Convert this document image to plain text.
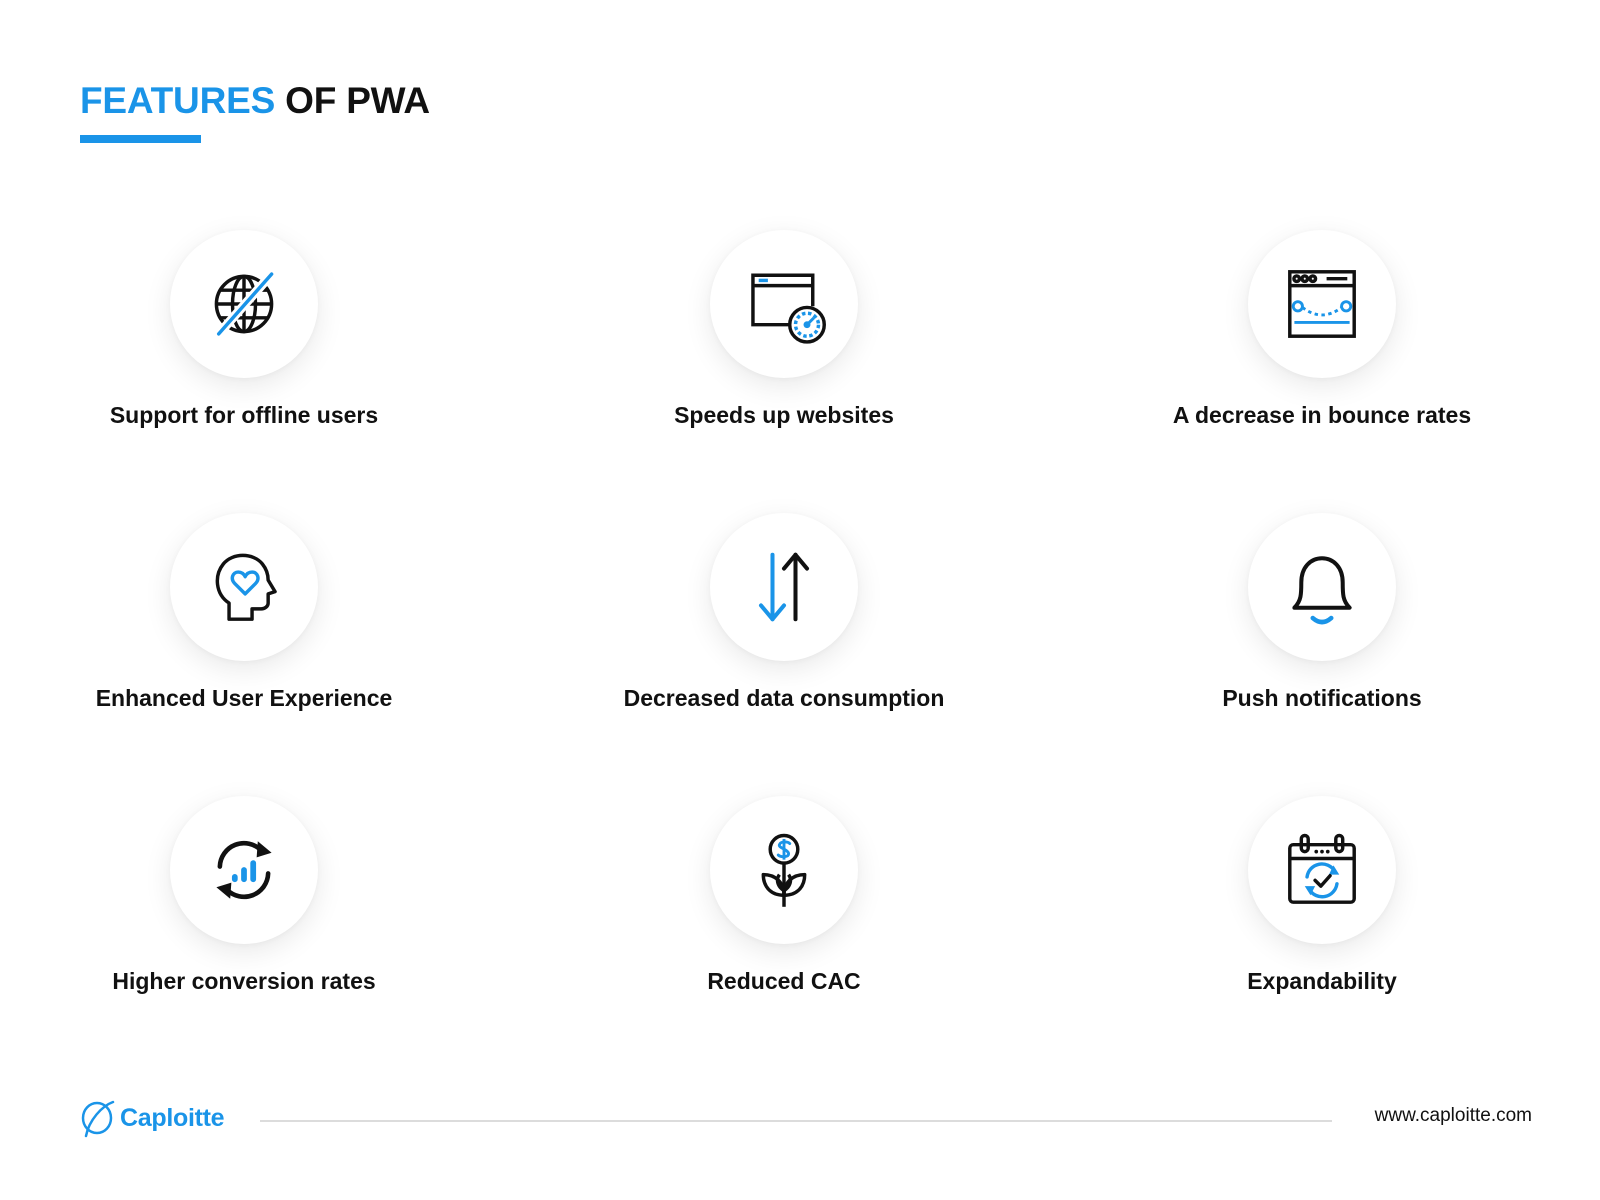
FEATURES OF PWA
Support for offline users	Speeds up websites	A decrease in bounce rates
Enhanced User Experience	Decreased data consumption	Push notifications
Higher conversion rates	Reduced CAC	Expandability
Caploitte	www.caploitte.com
